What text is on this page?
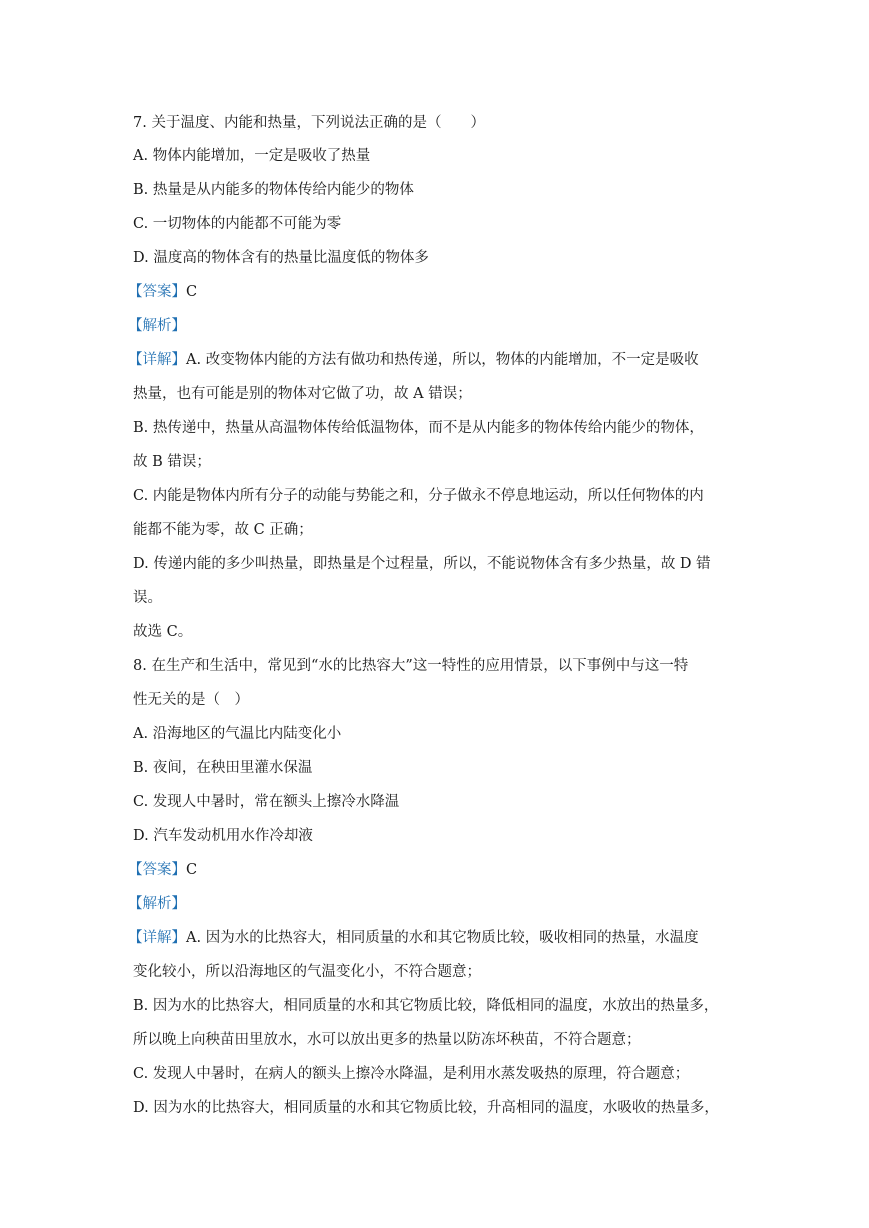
7. 关于温度、内能和热量，下列说法正确的是（　　）
A. 物体内能增加，一定是吸收了热量
B. 热量是从内能多的物体传给内能少的物体
C. 一切物体的内能都不可能为零
D. 温度高的物体含有的热量比温度低的物体多
【答案】C
【解析】
【详解】A. 改变物体内能的方法有做功和热传递，所以，物体的内能增加，不一定是吸收
热量，也有可能是别的物体对它做了功，故 A 错误；
B. 热传递中，热量从高温物体传给低温物体，而不是从内能多的物体传给内能少的物体，
故 B 错误；
C. 内能是物体内所有分子的动能与势能之和，分子做永不停息地运动，所以任何物体的内
能都不能为零，故 C 正确；
D. 传递内能的多少叫热量，即热量是个过程量，所以，不能说物体含有多少热量，故 D 错
误。
故选 C。
8. 在生产和生活中，常见到“水的比热容大”这一特性的应用情景，以下事例中与这一特
性无关的是（　）
A. 沿海地区的气温比内陆变化小
B. 夜间，在秧田里灌水保温
C. 发现人中暑时，常在额头上擦冷水降温
D. 汽车发动机用水作冷却液
【答案】C
【解析】
【详解】A. 因为水的比热容大，相同质量的水和其它物质比较，吸收相同的热量，水温度
变化较小，所以沿海地区的气温变化小，不符合题意；
B. 因为水的比热容大，相同质量的水和其它物质比较，降低相同的温度，水放出的热量多，
所以晚上向秧苗田里放水，水可以放出更多的热量以防冻坏秧苗，不符合题意；
C. 发现人中暑时，在病人的额头上擦冷水降温，是利用水蒸发吸热的原理，符合题意；
D. 因为水的比热容大，相同质量的水和其它物质比较，升高相同的温度，水吸收的热量多，
